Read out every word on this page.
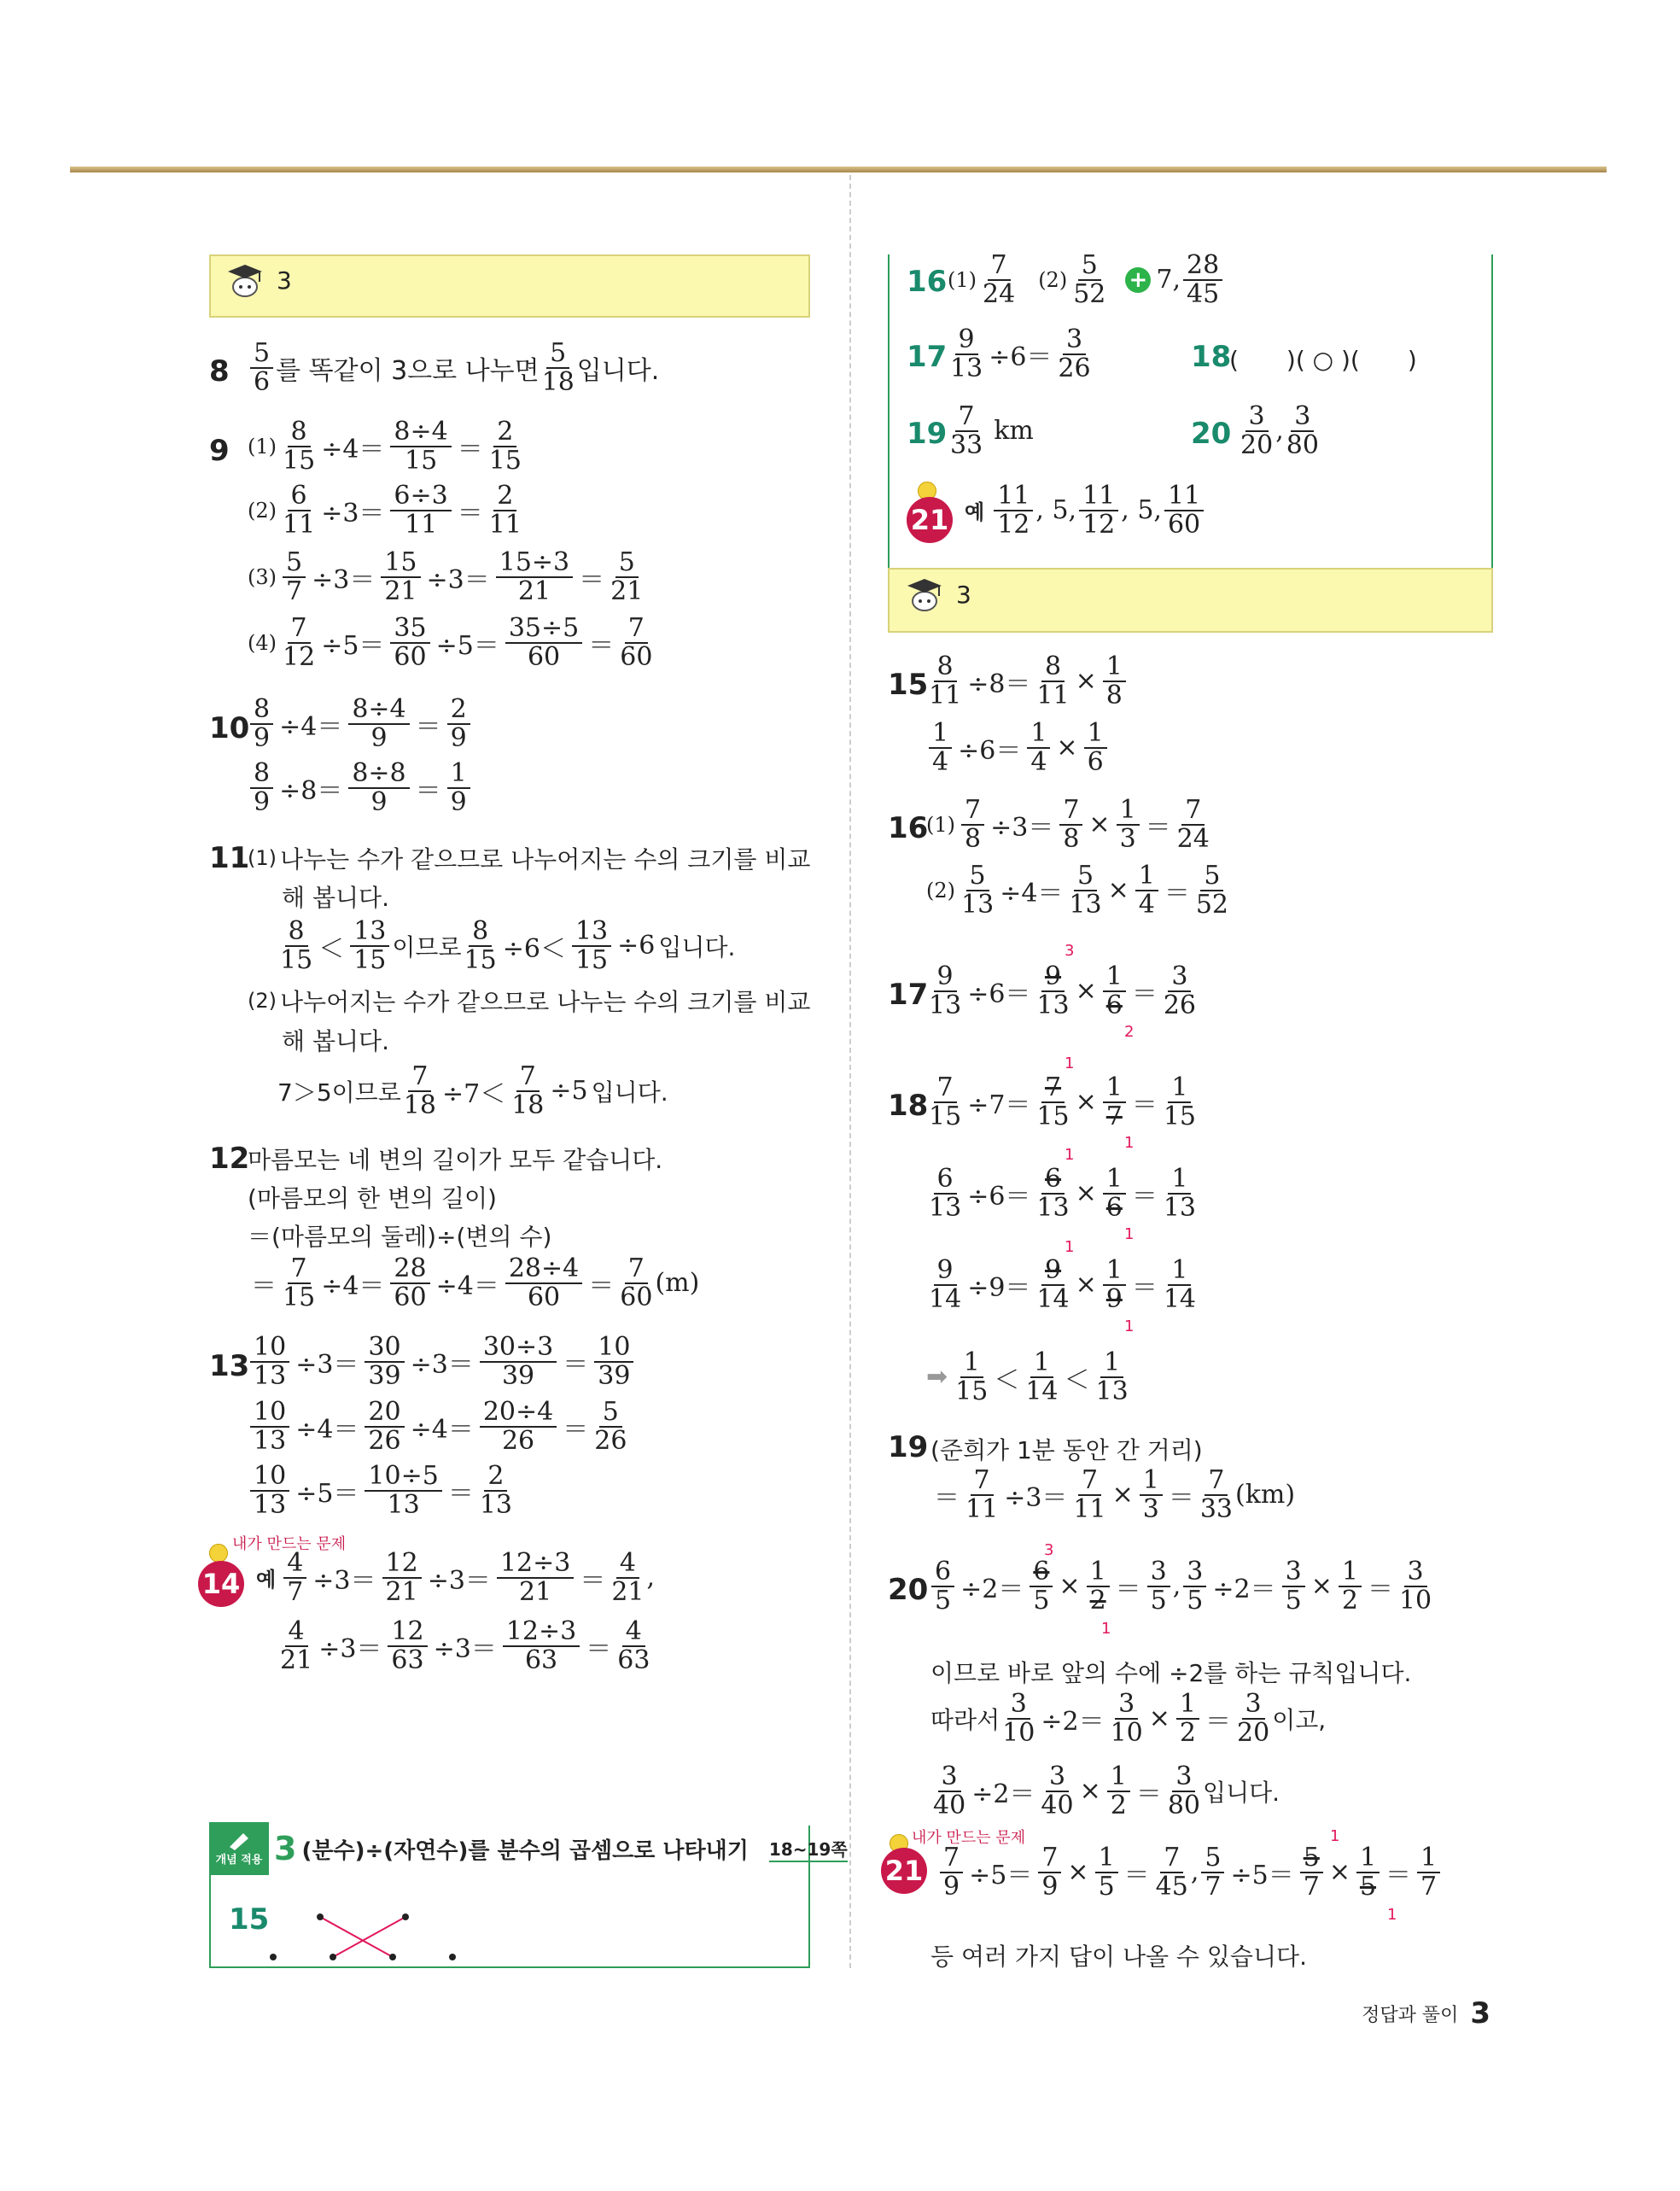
3
$8 \frac{5}{6}$ 를 똑같이 3으로 나누면 $\frac{5}{18}$ 입니다.
9 $(1) \frac{8}{15} \div 4= \frac{8\div 4}{15} = \frac{2}{15}$
$(2) \frac{6}{11} \div 3= \frac{6\div 3}{11} = \frac{2}{11}$
$(3) \frac{5}{7} \div 3= \frac{15}{21} \div 3= \frac{15\div 3}{21} = \frac{5}{21}$
$(4) \frac{7}{12} \div 5= \frac{35}{60} \div 5= \frac{35\div 5}{60} = \frac{7}{60}$
$10 \frac{8}{9} \div 4= \frac{8\div 4}{9} = \frac{2}{9}$
$\frac{8}{9} \div 8= \frac{8\div 8}{9} = \frac{1}{9}$
11
(1) 나누는 수가 같으므로 나누어지는 수의 크기를 비교
해 봅니다.
$\frac{8}{15} < \frac{13}{15}$ 이므로 $\frac{8}{15} \div 6< \frac{13}{15} \div 6$ 입니다.
(2) 나누어지는 수가 같으므로 나누는 수의 크기를 비교
해 봅니다.
7＞5이므로 $\frac{7}{18} \div 7< \frac{7}{18} \div 5$ 입니다.
12
마름모는 네 변의 길이가 모두 같습니다.
(마름모의 한 변의 길이)
＝(마름모의 둘레)÷(변의 수)
＝ $\frac{7}{15} \div 4= \frac{28}{60} \div 4= \frac{28\div 4}{60} = \frac{7}{60} (m)$
$13 \frac{10}{13} \div 3= \frac{30}{39} \div 3= \frac{30\div 3}{39} = \frac{10}{39}$
$\frac{10}{13} \div 4= \frac{20}{26} \div 4= \frac{20\div 4}{26} = \frac{5}{26}$
$\frac{10}{13} \div 5= \frac{10\div 5}{13} = \frac{2}{13}$
내가 만드는 문제
14 예 $\frac{4}{7} \div 3= \frac{12}{21} \div 3= \frac{12\div 3}{21} = \frac{4}{21}$ ,
$\frac{4}{21} \div 3= \frac{12}{63} \div 3= \frac{12\div 3}{63} = \frac{4}{63}$
개념 적용 3 (분수)÷(자연수)를 분수의 곱셈으로 나타내기 18~19쪽
15
16 $(1) \frac{7}{24} (2) \frac{5}{52} + 7$, $\frac{28}{45}$
$17 \frac{9}{13} \div 6= \frac{3}{26}$	18
(　　)( ○ )(　　)
$19 \frac{7}{33}$ km	$20 \frac{3}{20}$ , $\frac{3}{80}$
21 예 $\frac{11}{12}$ , 5, $\frac{11}{12}$ , 5, $\frac{11}{60}$
3
$15 \frac{8}{11} \div 8= \frac{8}{11} \times \frac{1}{8}$
$\frac{1}{4} \div 6= \frac{1}{4} \times \frac{1}{6}$
16
$(1) \frac{7}{8} \div 3= \frac{7}{8} \times \frac{1}{3} = \frac{7}{24}$
$(2) \frac{5}{13} \div 4= \frac{5}{13} \times \frac{1}{4} = \frac{5}{52}$
$17 \frac{9}{13} \div 6= \frac{9}{13} \times \frac{1}{6} = \frac{3}{26}$
3
2
$18 \frac{7}{15} \div 7= \frac{7}{15} \times \frac{1}{7} = \frac{1}{15}$
1
1
$\frac{6}{13} \div 6= \frac{6}{13} \times \frac{1}{6} = \frac{1}{13}$
1
1
$\frac{9}{14} \div 9= \frac{9}{14} \times \frac{1}{9} = \frac{1}{14}$
1
1
➡ $\frac{1}{15} < \frac{1}{14} < \frac{1}{13}$
19 (준희가 1분 동안 간 거리)
＝ $\frac{7}{11} \div 3= \frac{7}{11} \times \frac{1}{3} = \frac{7}{33} (km)$
$20 \frac{6}{5} \div 2= \frac{6}{5} \times \frac{1}{2} = \frac{3}{5}$ , $\frac{3}{5} \div 2= \frac{3}{5} \times \frac{1}{2} = \frac{3}{10}$
3
1
이므로 바로 앞의 수에 ÷2를 하는 규칙입니다.
따라서 $\frac{3}{10} \div 2= \frac{3}{10} \times \frac{1}{2} = \frac{3}{20}$ 이고,
$\frac{3}{40} \div 2= \frac{3}{40} \times \frac{1}{2} = \frac{3}{80}$ 입니다.
내가 만드는 문제
$21 \frac{7}{9} \div 5= \frac{7}{9} \times \frac{1}{5} = \frac{7}{45}$ , $\frac{5}{7} \div 5= \frac{5}{7} \times \frac{1}{5} = \frac{1}{7}$
1
1
등 여러 가지 답이 나올 수 있습니다.
정답과 풀이 3
